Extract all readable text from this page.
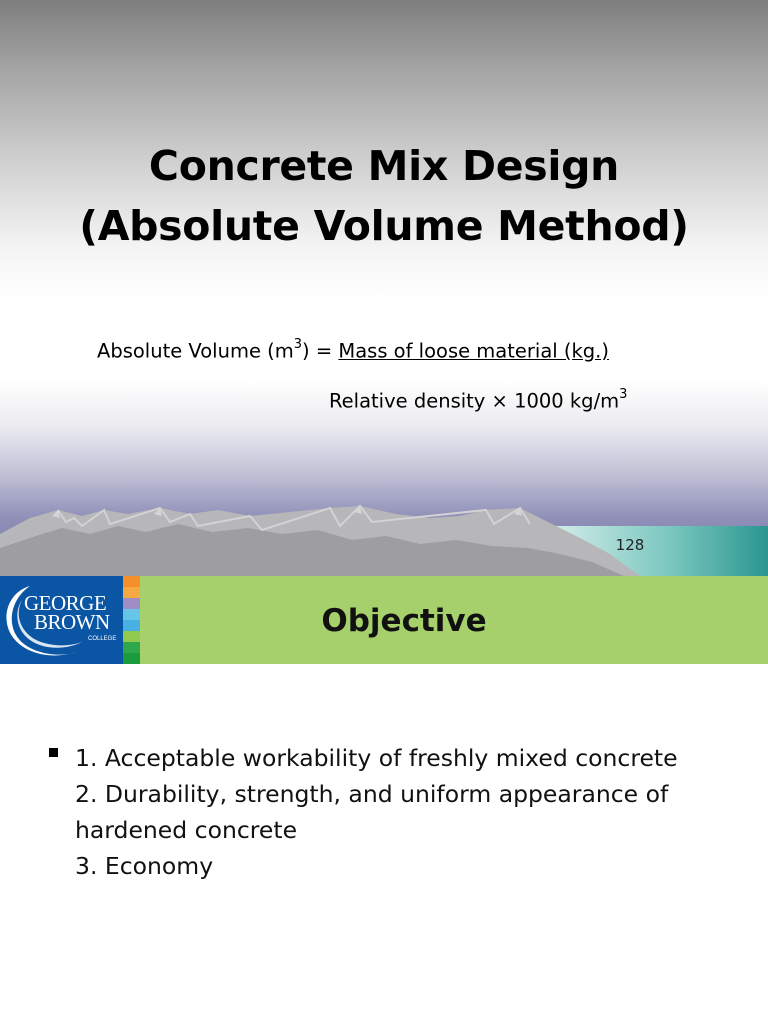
Concrete Mix Design
(Absolute Volume Method)
Absolute Volume $(m^3)$ = Mass of loose material (kg.)
Relative density × 1000 $kg/m^3$
128
GEORGE
BROWN
COLLEGE	Objective
1. Acceptable workability of freshly mixed concrete
2. Durability, strength, and uniform appearance of
hardened concrete
3. Economy
